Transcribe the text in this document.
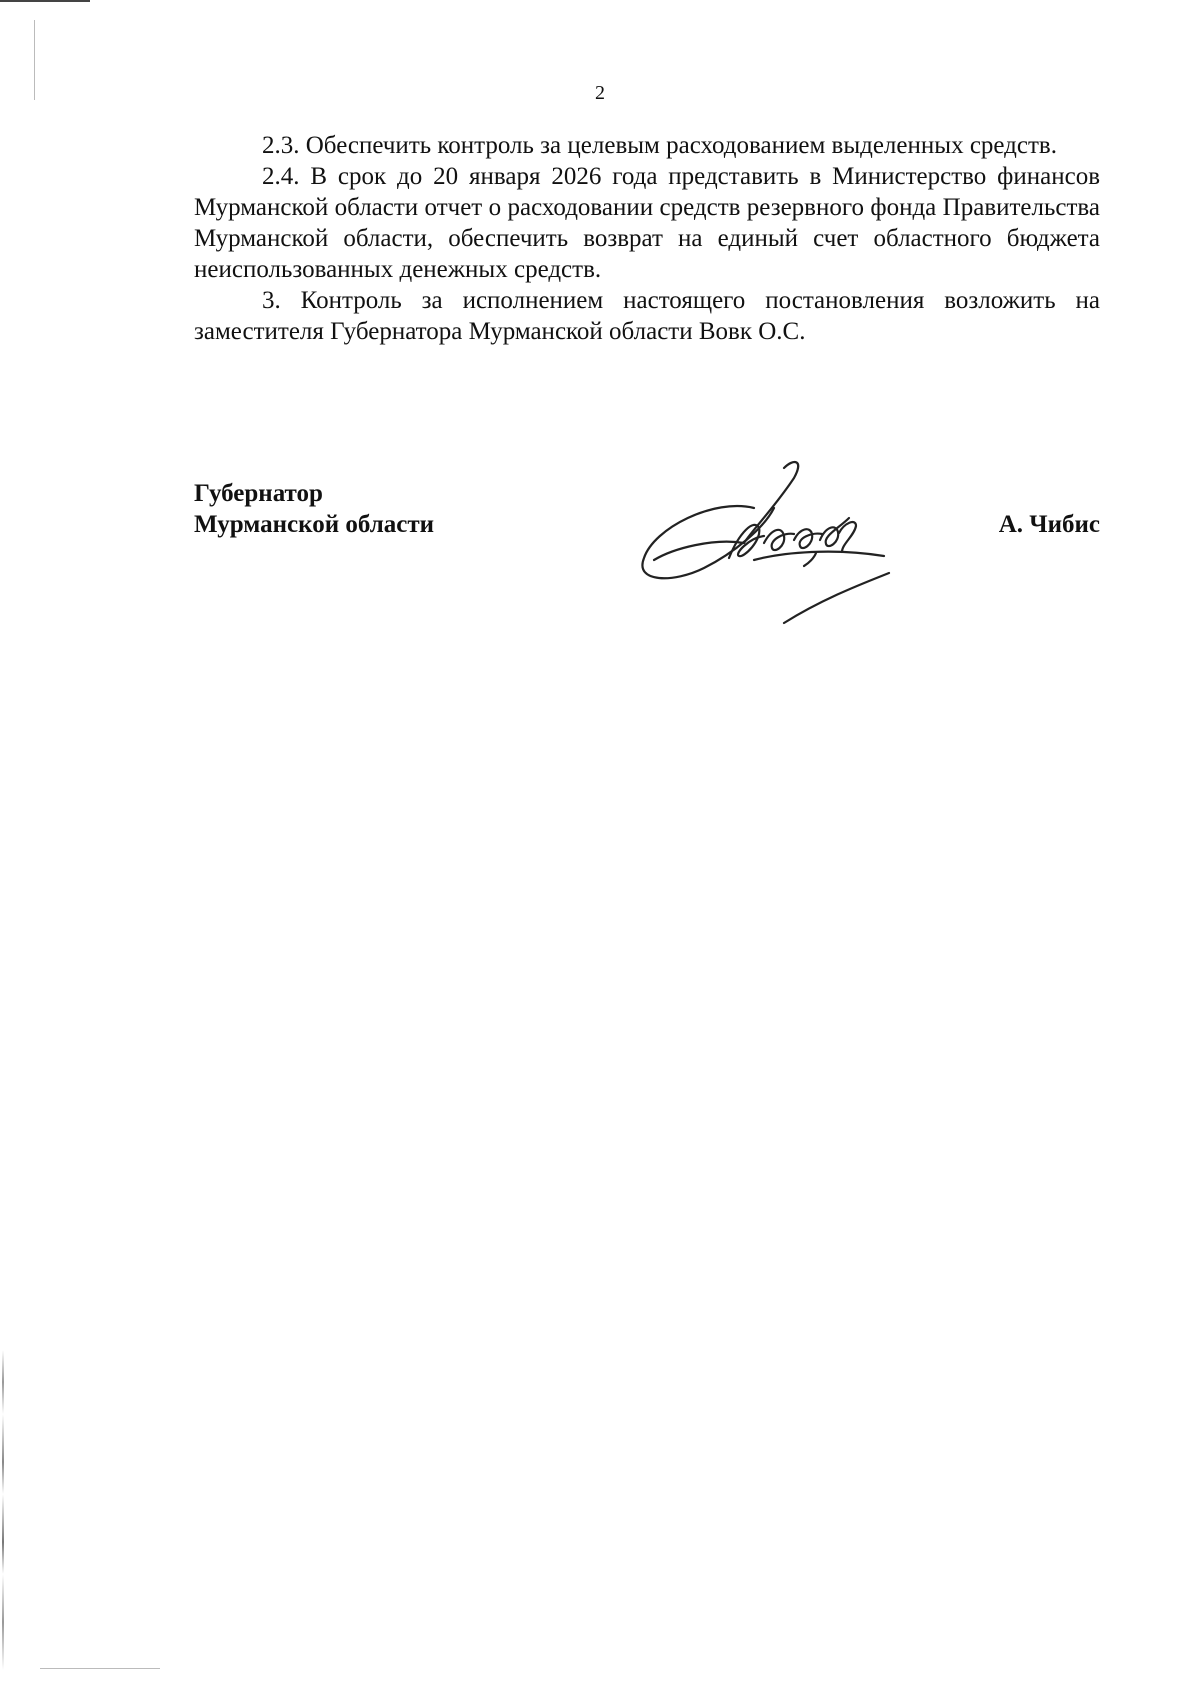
2

2.3. Обеспечить контроль за целевым расходованием выделенных средств.

2.4. В срок до 20 января 2026 года представить в Министерство финансов Мурманской области отчет о расходовании средств резервного фонда Правительства Мурманской области, обеспечить возврат на единый счет областного бюджета неиспользованных денежных средств.

3. Контроль за исполнением настоящего постановления возложить на заместителя Губернатора Мурманской области Вовк О.С.

Губернатор
Мурманской области	А. Чибис
